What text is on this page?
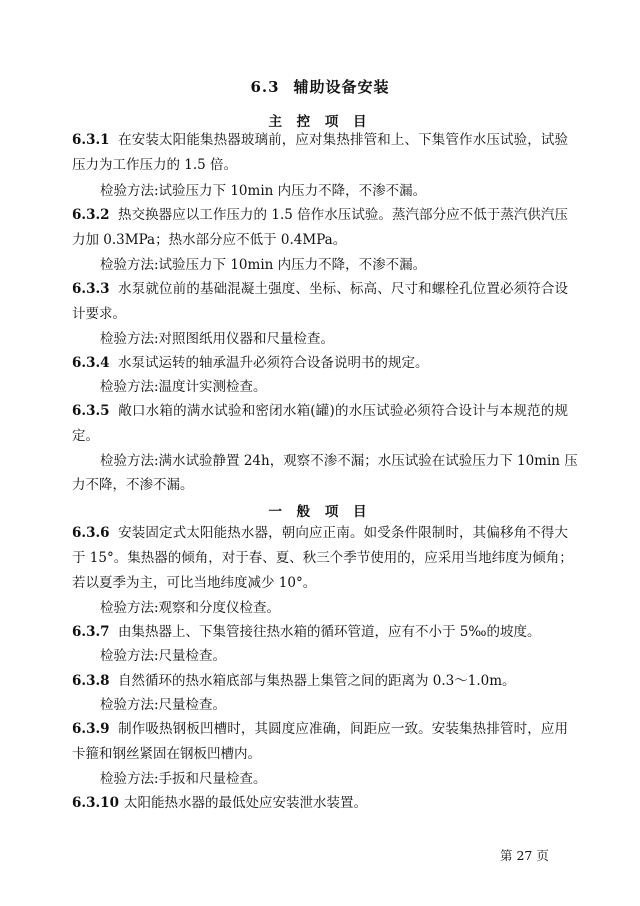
6.3 辅助设备安装
主 控 项 目
6.3.1 在安装太阳能集热器玻璃前，应对集热排管和上、下集管作水压试验，试验
压力为工作压力的 1.5 倍。
检验方法:试验压力下 10min 内压力不降，不渗不漏。
6.3.2 热交换器应以工作压力的 1.5 倍作水压试验。蒸汽部分应不低于蒸汽供汽压
力加 0.3MPa；热水部分应不低于 0.4MPa。
检验方法:试验压力下 10min 内压力不降，不渗不漏。
6.3.3 水泵就位前的基础混凝土强度、坐标、标高、尺寸和螺栓孔位置必须符合设
计要求。
检验方法:对照图纸用仪器和尺量检查。
6.3.4 水泵试运转的轴承温升必须符合设备说明书的规定。
检验方法:温度计实测检查。
6.3.5 敞口水箱的满水试验和密闭水箱(罐)的水压试验必须符合设计与本规范的规
定。
检验方法:满水试验静置 24h，观察不渗不漏；水压试验在试验压力下 10min 压
力不降，不渗不漏。
一 般 项 目
6.3.6 安装固定式太阳能热水器，朝向应正南。如受条件限制时，其偏移角不得大
于 15°。集热器的倾角，对于春、夏、秋三个季节使用的，应采用当地纬度为倾角；
若以夏季为主，可比当地纬度减少 10°。
检验方法:观察和分度仪检查。
6.3.7 由集热器上、下集管接往热水箱的循环管道，应有不小于 5‰的坡度。
检验方法:尺量检查。
6.3.8 自然循环的热水箱底部与集热器上集管之间的距离为 0.3～1.0m。
检验方法:尺量检查。
6.3.9 制作吸热钢板凹槽时，其圆度应准确，间距应一致。安装集热排管时，应用
卡箍和钢丝紧固在钢板凹槽内。
检验方法:手扳和尺量检查。
6.3.10 太阳能热水器的最低处应安装泄水装置。
第 27 页
